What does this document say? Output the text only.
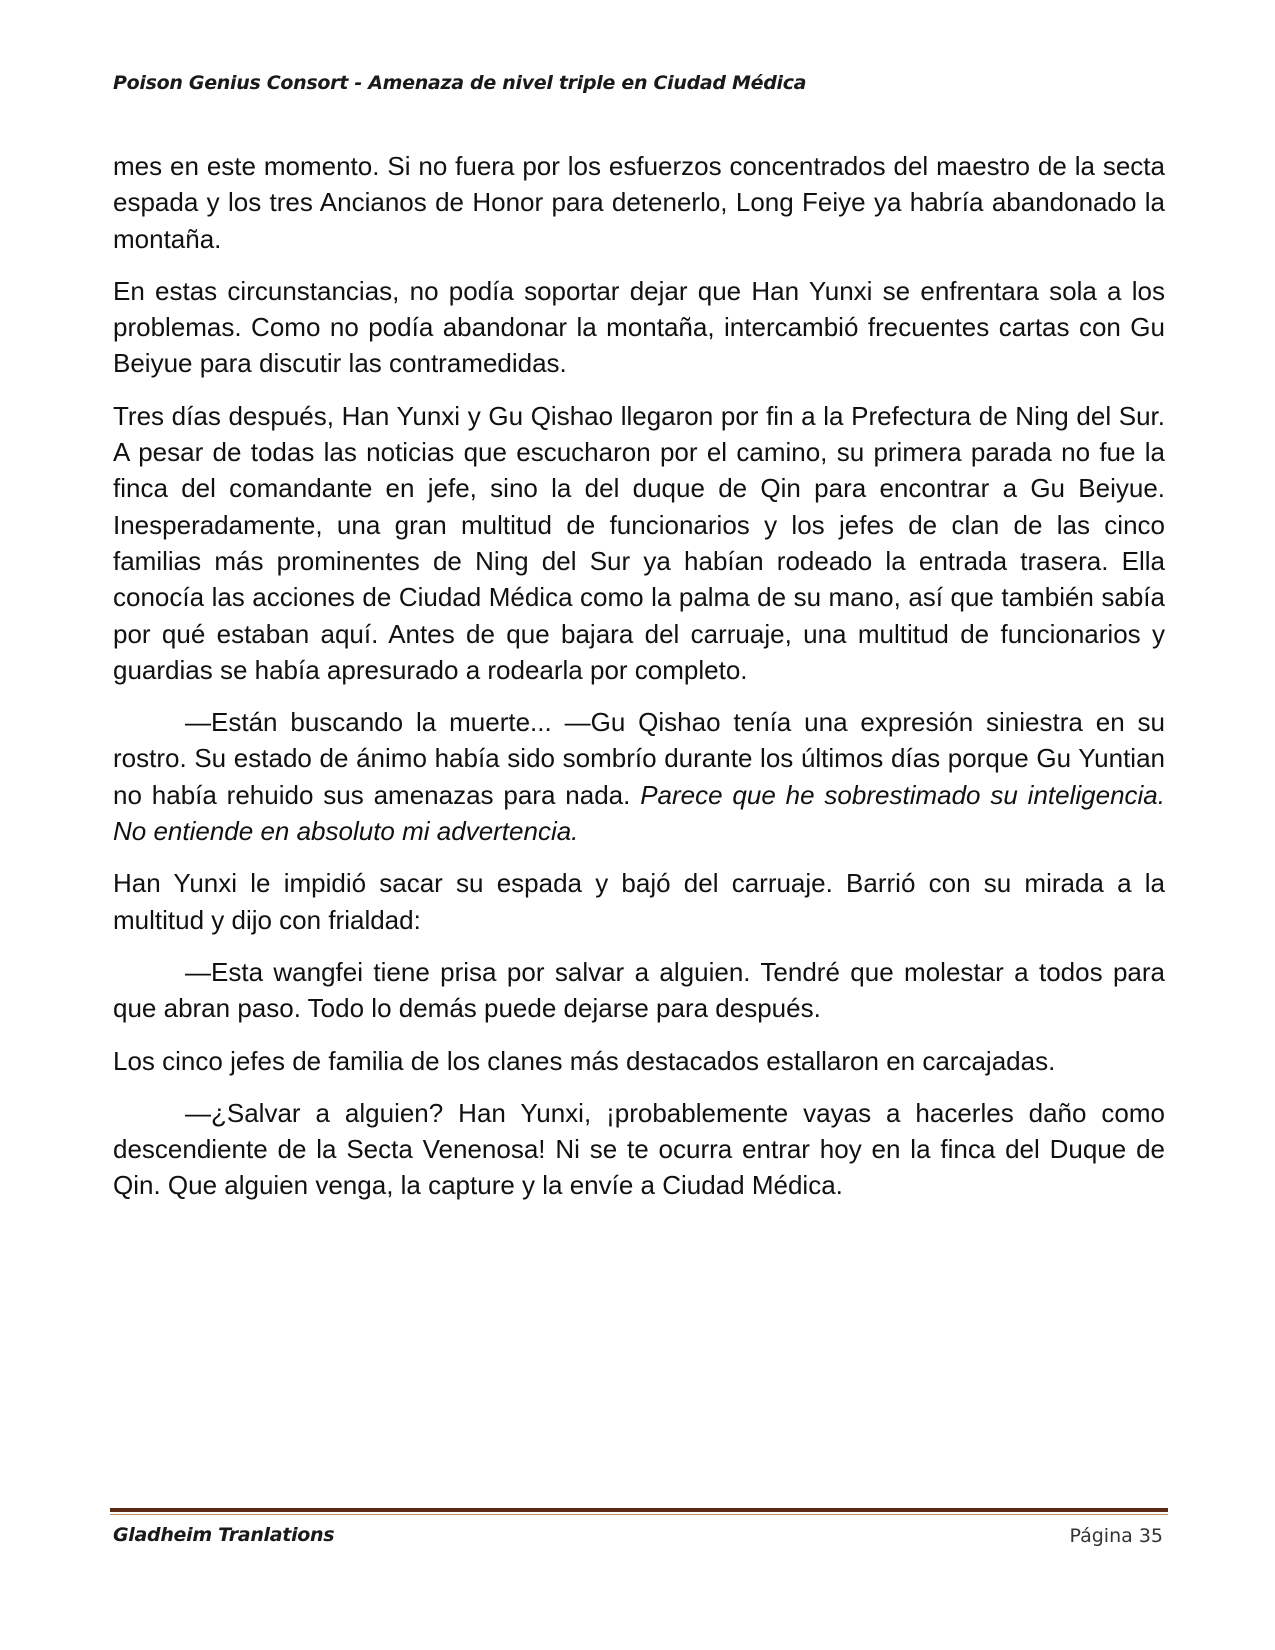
Poison Genius Consort - Amenaza de nivel triple en Ciudad Médica

mes en este momento. Si no fuera por los esfuerzos concentrados del maestro de la secta espada y los tres Ancianos de Honor para detenerlo, Long Feiye ya habría abandonado la montaña.

En estas circunstancias, no podía soportar dejar que Han Yunxi se enfrentara sola a los problemas. Como no podía abandonar la montaña, intercambió frecuentes cartas con Gu Beiyue para discutir las contramedidas.

Tres días después, Han Yunxi y Gu Qishao llegaron por fin a la Prefectura de Ning del Sur. A pesar de todas las noticias que escucharon por el camino, su primera parada no fue la finca del comandante en jefe, sino la del duque de Qin para encontrar a Gu Beiyue. Inesperadamente, una gran multitud de funcionarios y los jefes de clan de las cinco familias más prominentes de Ning del Sur ya habían rodeado la entrada trasera. Ella conocía las acciones de Ciudad Médica como la palma de su mano, así que también sabía por qué estaban aquí. Antes de que bajara del carruaje, una multitud de funcionarios y guardias se había apresurado a rodearla por completo.

—Están buscando la muerte... —Gu Qishao tenía una expresión siniestra en su rostro. Su estado de ánimo había sido sombrío durante los últimos días porque Gu Yuntian no había rehuido sus amenazas para nada. Parece que he sobrestimado su inteligencia. No entiende en absoluto mi advertencia.

Han Yunxi le impidió sacar su espada y bajó del carruaje. Barrió con su mirada a la multitud y dijo con frialdad:

—Esta wangfei tiene prisa por salvar a alguien. Tendré que molestar a todos para que abran paso. Todo lo demás puede dejarse para después.

Los cinco jefes de familia de los clanes más destacados estallaron en carcajadas.

—¿Salvar a alguien? Han Yunxi, ¡probablemente vayas a hacerles daño como descendiente de la Secta Venenosa! Ni se te ocurra entrar hoy en la finca del Duque de Qin. Que alguien venga, la capture y la envíe a Ciudad Médica.

Gladheim Tranlations	Página 35
